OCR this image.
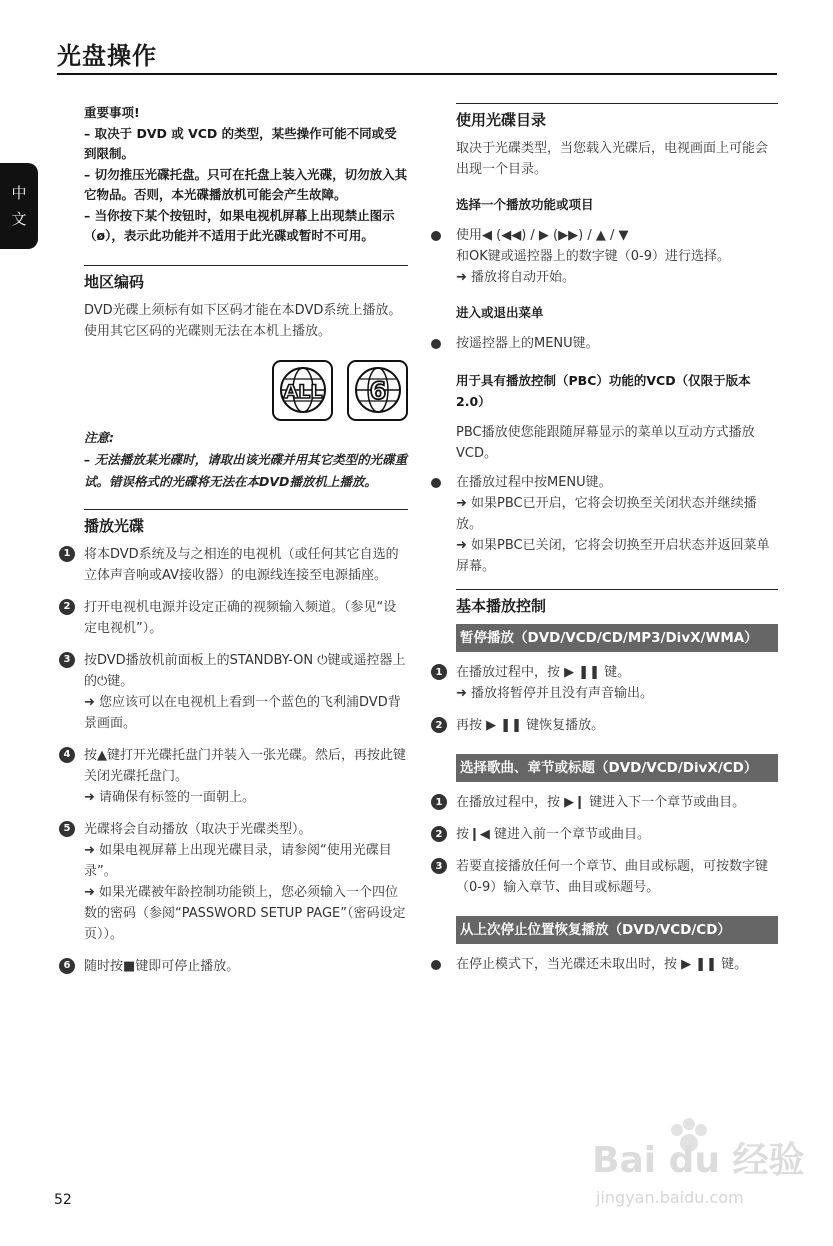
光盘操作
中
文

重要事项!

– 取决于 DVD 或 VCD 的类型，某些操作可能不同或受到限制。

– 切勿推压光碟托盘。只可在托盘上装入光碟，切勿放入其它物品。否则，本光碟播放机可能会产生故障。

– 当你按下某个按钮时，如果电视机屏幕上出现禁止图示（ø），表示此功能并不适用于此光碟或暂时不可用。

地区编码

DVD光碟上须标有如下区码才能在本DVD系统上播放。使用其它区码的光碟则无法在本机上播放。

ALL 6

注意:

– 无法播放某光碟时，请取出该光碟并用其它类型的光碟重试。错误格式的光碟将无法在本DVD播放机上播放。

播放光碟
1	将本DVD系统及与之相连的电视机（或任何其它自选的立体声音响或AV接收器）的电源线连接至电源插座。
2	打开电视机电源并设定正确的视频输入频道。（参见“设定电视机”）。
3	按DVD播放机前面板上的STANDBY-ON ⏻键或遥控器上的⏻键。
➜ 您应该可以在电视机上看到一个蓝色的飞利浦DVD背景画面。
4	按▲键打开光碟托盘门并装入一张光碟。然后，再按此键关闭光碟托盘门。
➜ 请确保有标签的一面朝上。
5	光碟将会自动播放（取决于光碟类型）。
➜ 如果电视屏幕上出现光碟目录，请参阅“使用光碟目录”。
➜ 如果光碟被年龄控制功能锁上，您必须输入一个四位数的密码（参阅“PASSWORD SETUP PAGE”（密码设定页））。
6	随时按■键即可停止播放。
使用光碟目录

取决于光碟类型，当您载入光碟后，电视画面上可能会出现一个目录。

选择一个播放功能或项目

使用◀ (◀◀) / ▶ (▶▶) / ▲ / ▼
和OK键或遥控器上的数字键（0-9）进行选择。
➜ 播放将自动开始。

进入或退出菜单

按遥控器上的MENU键。

用于具有播放控制（PBC）功能的VCD（仅限于版本2.0）

PBC播放使您能跟随屏幕显示的菜单以互动方式播放VCD。

在播放过程中按MENU键。
➜ 如果PBC已开启，它将会切换至关闭状态并继续播放。
➜ 如果PBC已关闭，它将会切换至开启状态并返回菜单屏幕。
基本播放控制
暂停播放（DVD/VCD/CD/MP3/DivX/WMA）
1	在播放过程中，按 ▶ ❚❚ 键。
➜ 播放将暂停并且没有声音输出。
2	再按 ▶ ❚❚ 键恢复播放。
选择歌曲、章节或标题（DVD/VCD/DivX/CD）
1	在播放过程中，按 ▶❙ 键进入下一个章节或曲目。
2	按❙◀ 键进入前一个章节或曲目。
3	若要直接播放任何一个章节、曲目或标题，可按数字键（0-9）输入章节、曲目或标题号。
从上次停止位置恢复播放（DVD/VCD/CD）
在停止模式下，当光碟还未取出时，按 ▶ ❚❚ 键。
52
Bai du 经验
jingyan.baidu.com
